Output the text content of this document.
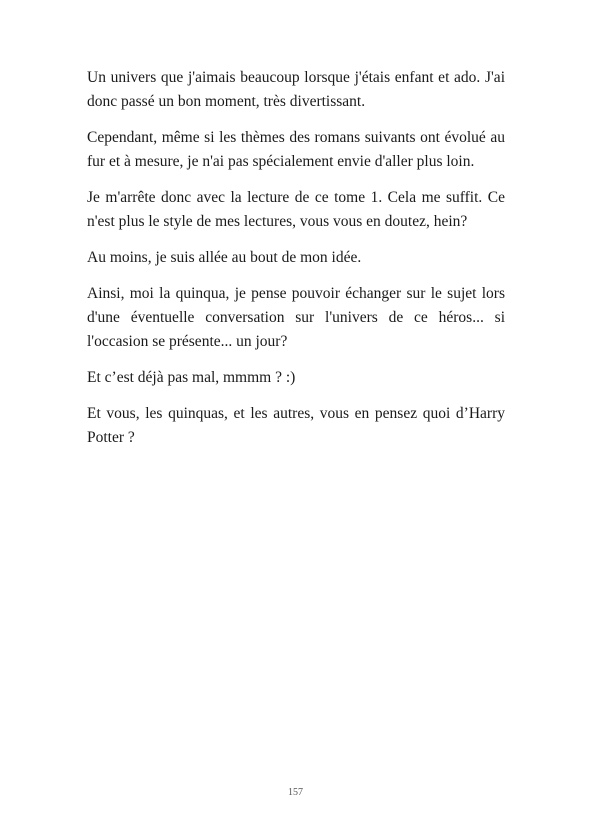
Un univers que j'aimais beaucoup lorsque j'étais enfant et ado. J'ai donc passé un bon moment, très divertissant.

Cependant, même si les thèmes des romans suivants ont évolué au fur et à mesure, je n'ai pas spécialement envie d'aller plus loin.

Je m'arrête donc avec la lecture de ce tome 1. Cela me suffit. Ce n'est plus le style de mes lectures, vous vous en doutez, hein?

Au moins, je suis allée au bout de mon idée.

Ainsi, moi la quinqua, je pense pouvoir échanger sur le sujet lors d'une éventuelle conversation sur l'univers de ce héros... si l'occasion se présente... un jour?

Et c’est déjà pas mal, mmmm ? :)

Et vous, les quinquas, et les autres, vous en pensez quoi d’Harry Potter ?

157
